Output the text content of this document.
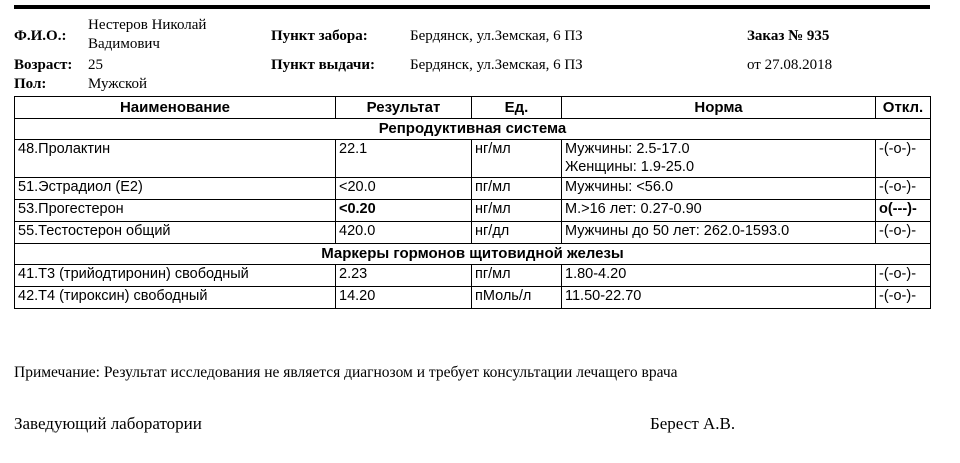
Ф.И.О.:
Нестеров Николай
Вадимович
Возраст: 25
Пол:	Мужской
Пункт забора:	Бердянск, ул.Земская, 6 ПЗ
Пункт выдачи: Бердянск, ул.Земская, 6 ПЗ
Заказ № 935
от 27.08.2018
Наименование	Результат	Ед.	Норма	Откл.
Репродуктивная система				
48.Пролактин	22.1	нг/мл	Мужчины: 2.5-17.0
Женщины: 1.9-25.0	-(-o-)-
51.Эстрадиол (Е2)	<20.0	пг/мл	Мужчины: <56.0	-(-o-)-
53.Прогестерон	<0.20	нг/мл	М.>16 лет: 0.27-0.90	o(---)-
55.Тестостерон общий	420.0	нг/дл	Мужчины до 50 лет: 262.0-1593.0	-(-o-)-
Маркеры гормонов щитовидной железы				
41.Т3 (трийодтиронин) свободный	2.23	пг/мл	1.80-4.20	-(-o-)-
42.Т4 (тироксин) свободный	14.20	пМоль/л	11.50-22.70	-(-o-)-
Примечание: Результат исследования не является диагнозом и требует консультации лечащего врача
Заведующий лаборатории	Берест А.В.
